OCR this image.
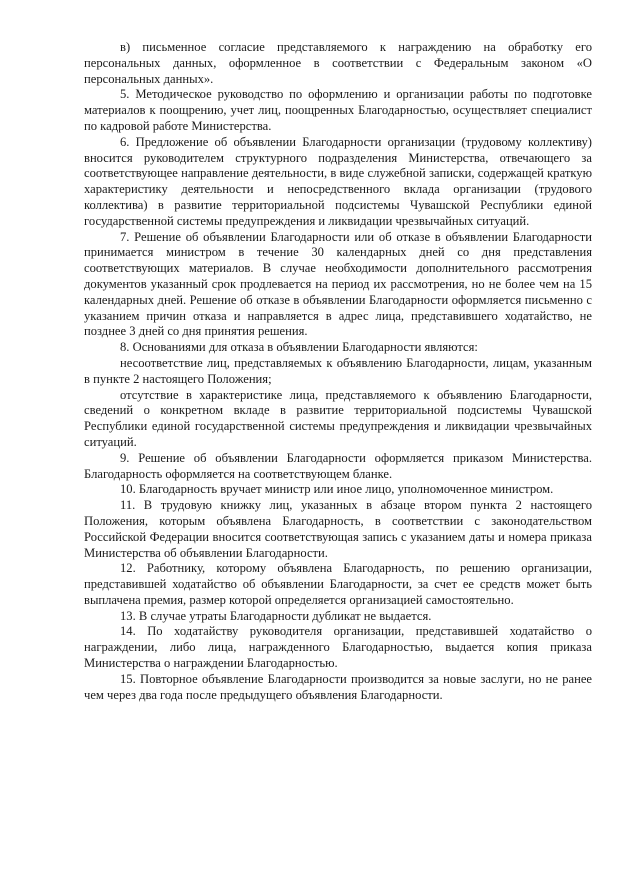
в) письменное согласие представляемого к награждению на обработку его персональных данных, оформленное в соответствии с Федеральным законом «О персональных данных».

5. Методическое руководство по оформлению и организации работы по подготовке материалов к поощрению, учет лиц, поощренных Благодарностью, осуществляет специалист по кадровой работе Министерства.

6. Предложение об объявлении Благодарности организации (трудовому коллективу) вносится руководителем структурного подразделения Министерства, отвечающего за соответствующее направление деятельности, в виде служебной записки, содержащей краткую характеристику деятельности и непосредственного вклада организации (трудового коллектива) в развитие территориальной подсистемы Чувашской Республики единой государственной системы предупреждения и ликвидации чрезвычайных ситуаций.

7. Решение об объявлении Благодарности или об отказе в объявлении Благодарности принимается министром в течение 30 календарных дней со дня представления соответствующих материалов. В случае необходимости дополнительного рассмотрения документов указанный срок продлевается на период их рассмотрения, но не более чем на 15 календарных дней. Решение об отказе в объявлении Благодарности оформляется письменно с указанием причин отказа и направляется в адрес лица, представившего ходатайство, не позднее 3 дней со дня принятия решения.

8. Основаниями для отказа в объявлении Благодарности являются:

несоответствие лиц, представляемых к объявлению Благодарности, лицам, указанным в пункте 2 настоящего Положения;

отсутствие в характеристике лица, представляемого к объявлению Благодарности, сведений о конкретном вкладе в развитие территориальной подсистемы Чувашской Республики единой государственной системы предупреждения и ликвидации чрезвычайных ситуаций.

9. Решение об объявлении Благодарности оформляется приказом Министерства. Благодарность оформляется на соответствующем бланке.

10. Благодарность вручает министр или иное лицо, уполномоченное министром.

11. В трудовую книжку лиц, указанных в абзаце втором пункта 2 настоящего Положения, которым объявлена Благодарность, в соответствии с законодательством Российской Федерации вносится соответствующая запись с указанием даты и номера приказа Министерства об объявлении Благодарности.

12. Работнику, которому объявлена Благодарность, по решению организации, представившей ходатайство об объявлении Благодарности, за счет ее средств может быть выплачена премия, размер которой определяется организацией самостоятельно.

13. В случае утраты Благодарности дубликат не выдается.

14. По ходатайству руководителя организации, представившей ходатайство о награждении, либо лица, награжденного Благодарностью, выдается копия приказа Министерства о награждении Благодарностью.

15. Повторное объявление Благодарности производится за новые заслуги, но не ранее чем через два года после предыдущего объявления Благодарности.
